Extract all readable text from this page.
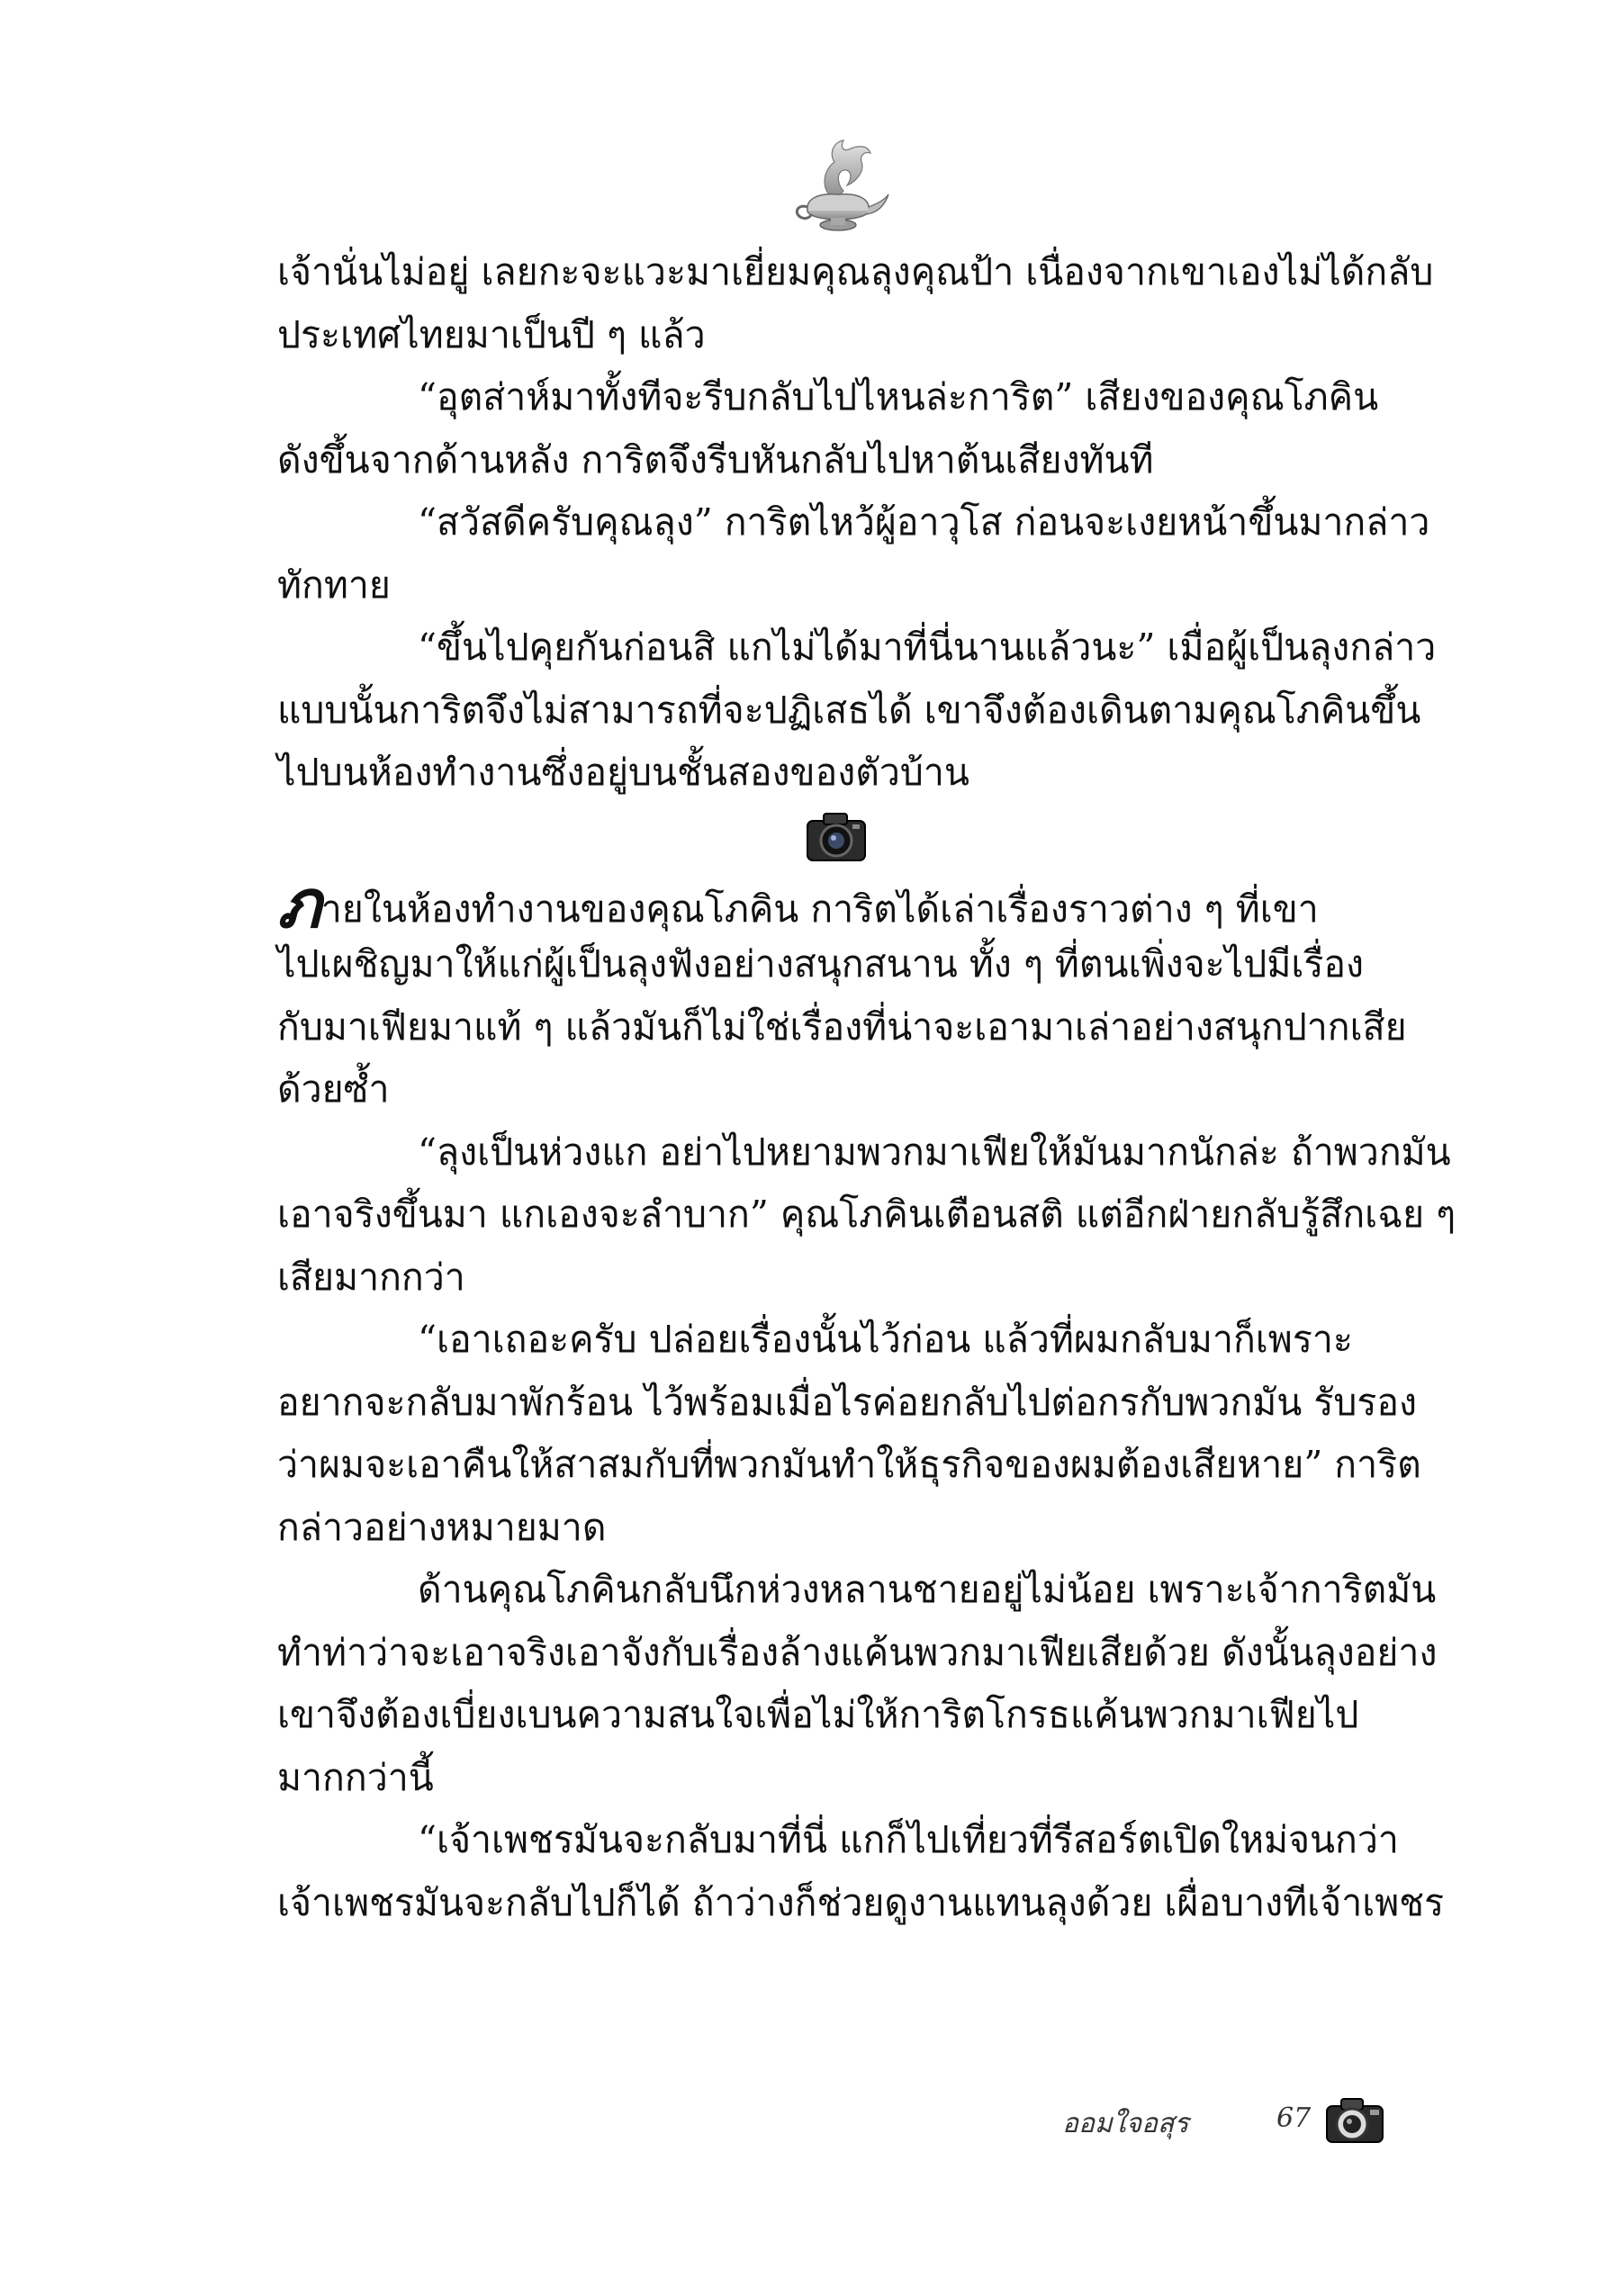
เจ้านั่นไม่อยู่ เลยกะจะแวะมาเยี่ยมคุณลุงคุณป้า เนื่องจากเขาเองไม่ได้กลับ
ประเทศไทยมาเป็นปี ๆ แล้ว
“อุตส่าห์มาทั้งทีจะรีบกลับไปไหนล่ะการิต” เสียงของคุณโภคิน
ดังขึ้นจากด้านหลัง การิตจึงรีบหันกลับไปหาต้นเสียงทันที
“สวัสดีครับคุณลุง” การิตไหว้ผู้อาวุโส ก่อนจะเงยหน้าขึ้นมากล่าว
ทักทาย
“ขึ้นไปคุยกันก่อนสิ แกไม่ได้มาที่นี่นานแล้วนะ” เมื่อผู้เป็นลุงกล่าว
แบบนั้นการิตจึงไม่สามารถที่จะปฏิเสธได้ เขาจึงต้องเดินตามคุณโภคินขึ้น
ไปบนห้องทำงานซึ่งอยู่บนชั้นสองของตัวบ้าน
ภายในห้องทำงานของคุณโภคิน การิตได้เล่าเรื่องราวต่าง ๆ ที่เขา
ไปเผชิญมาให้แก่ผู้เป็นลุงฟังอย่างสนุกสนาน ทั้ง ๆ ที่ตนเพิ่งจะไปมีเรื่อง
กับมาเฟียมาแท้ ๆ แล้วมันก็ไม่ใช่เรื่องที่น่าจะเอามาเล่าอย่างสนุกปากเสีย
ด้วยซ้ำ
“ลุงเป็นห่วงแก อย่าไปหยามพวกมาเฟียให้มันมากนักล่ะ ถ้าพวกมัน
เอาจริงขึ้นมา แกเองจะลำบาก” คุณโภคินเตือนสติ แต่อีกฝ่ายกลับรู้สึกเฉย ๆ
เสียมากกว่า
“เอาเถอะครับ ปล่อยเรื่องนั้นไว้ก่อน แล้วที่ผมกลับมาก็เพราะ
อยากจะกลับมาพักร้อน ไว้พร้อมเมื่อไรค่อยกลับไปต่อกรกับพวกมัน รับรอง
ว่าผมจะเอาคืนให้สาสมกับที่พวกมันทำให้ธุรกิจของผมต้องเสียหาย” การิต
กล่าวอย่างหมายมาด
ด้านคุณโภคินกลับนึกห่วงหลานชายอยู่ไม่น้อย เพราะเจ้าการิตมัน
ทำท่าว่าจะเอาจริงเอาจังกับเรื่องล้างแค้นพวกมาเฟียเสียด้วย ดังนั้นลุงอย่าง
เขาจึงต้องเบี่ยงเบนความสนใจเพื่อไม่ให้การิตโกรธแค้นพวกมาเฟียไป
มากกว่านี้
“เจ้าเพชรมันจะกลับมาที่นี่ แกก็ไปเที่ยวที่รีสอร์ตเปิดใหม่จนกว่า
เจ้าเพชรมันจะกลับไปก็ได้ ถ้าว่างก็ช่วยดูงานแทนลุงด้วย เผื่อบางทีเจ้าเพชร
ออมใจอสุร	67
